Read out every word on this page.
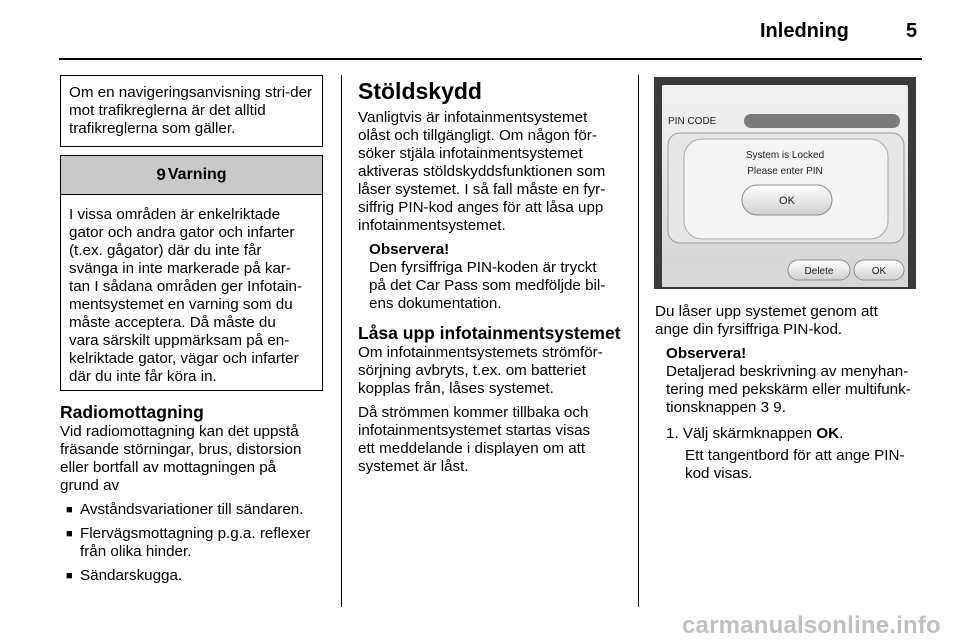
Inledning	5
Om en navigeringsanvisning stri-der mot trafikreglerna är det alltid trafikreglerna som gäller.
9 Varning
I vissa områden är enkelriktade
gator och andra gator och infarter
(t.ex. gågator) där du inte får
svänga in inte markerade på kar-
tan I sådana områden ger Infotain-
mentsystemet en varning som du
måste acceptera. Då måste du
vara särskilt uppmärksam på en-
kelriktade gator, vägar och infarter
där du inte får köra in.
Radiomottagning
Vid radiomottagning kan det uppstå
fräsande störningar, brus, distorsion
eller bortfall av mottagningen på
grund av
■ Avståndsvariationer till sändaren.
■ Flervägsmottagning p.g.a. reflexer
från olika hinder.
■ Sändarskugga.
Stöldskydd
Vanligtvis är infotainmentsystemet
olåst och tillgängligt. Om någon för-
söker stjäla infotainmentsystemet
aktiveras stöldskyddsfunktionen som
låser systemet. I så fall måste en fyr-
siffrig PIN-kod anges för att låsa upp
infotainmentsystemet.
Observera!
Den fyrsiffriga PIN-koden är tryckt
på det Car Pass som medföljde bil-
ens dokumentation.
Låsa upp infotainmentsystemet
Om infotainmentsystemets strömför-
sörjning avbryts, t.ex. om batteriet
kopplas från, låses systemet.
Då strömmen kommer tillbaka och
infotainmentsystemet startas visas
ett meddelande i displayen om att
systemet är låst.
PIN CODE
System is Locked
Please enter PIN
OK
Delete	OK
Du låser upp systemet genom att
ange din fyrsiffriga PIN-kod.
Observera!
Detaljerad beskrivning av menyhan-
tering med pekskärm eller multifunk-
tionsknappen 3 9.
1. Välj skärmknappen OK.
Ett tangentbord för att ange PIN-
kod visas.
carmanualsonline.info
